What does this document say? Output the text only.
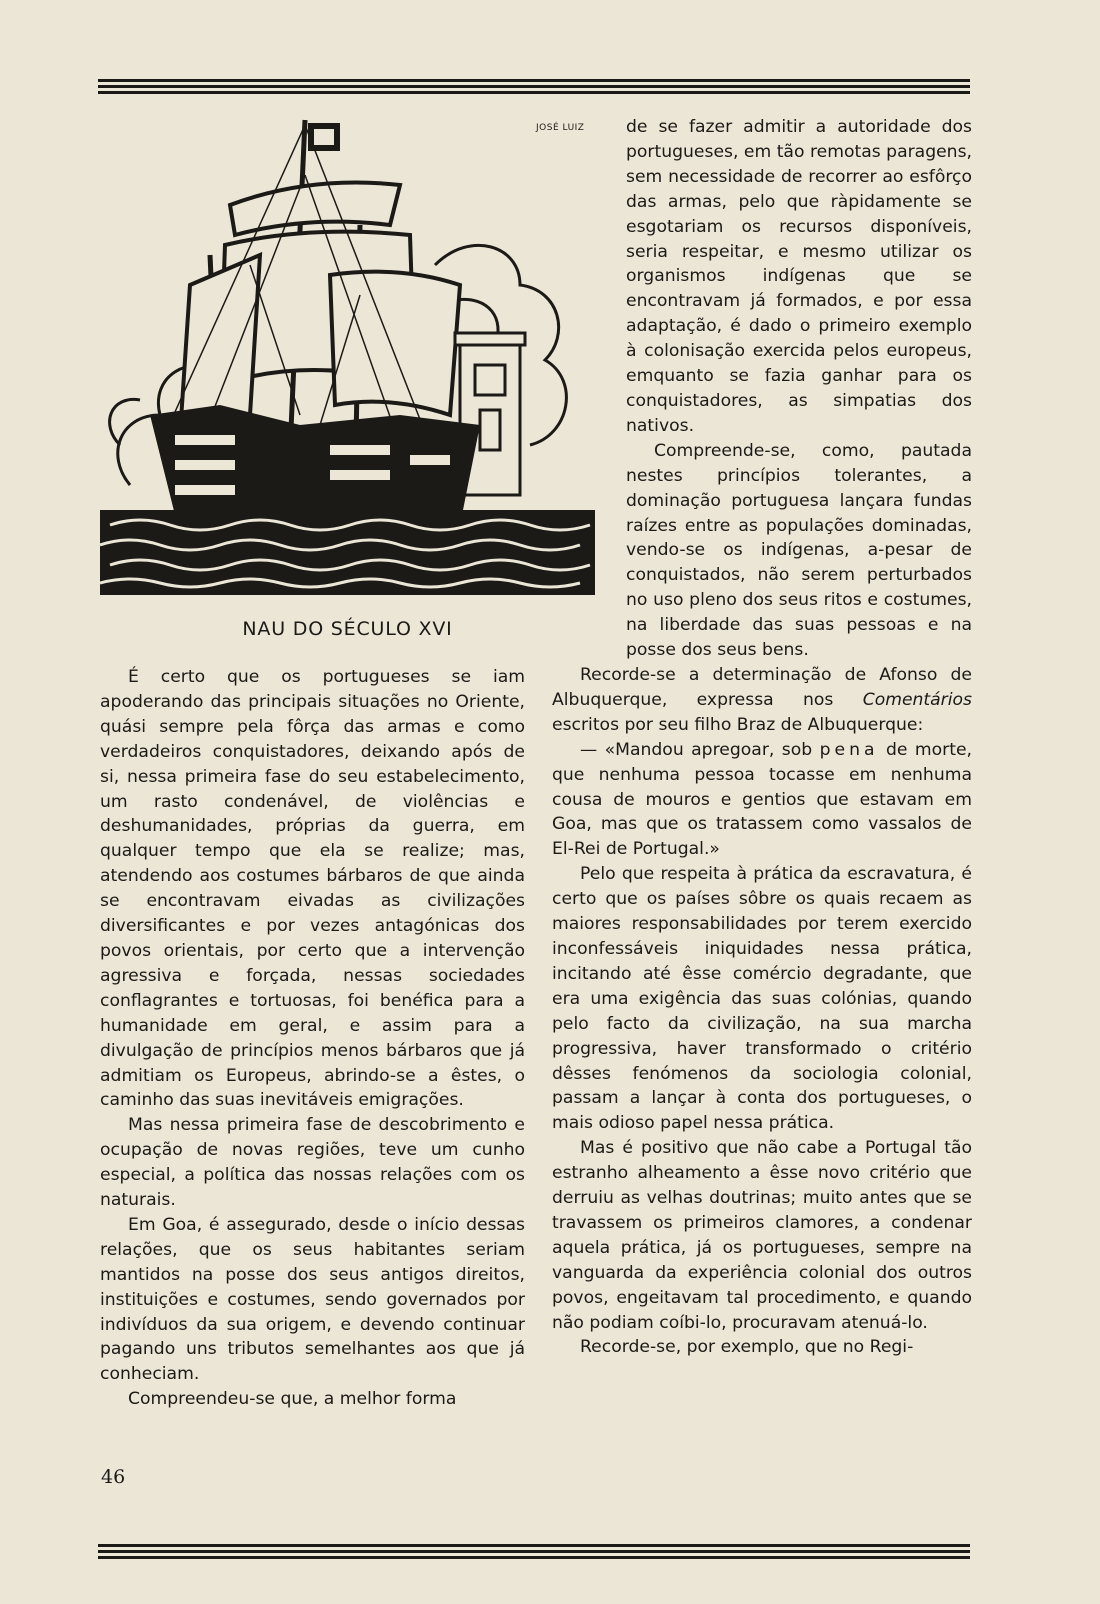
JOSÉ LUIZ
NAU DO SÉCULO XVI

de se fazer admitir a autoridade dos portugueses, em tão remotas paragens, sem necessidade de recorrer ao esfôrço das armas, pelo que ràpidamente se esgotariam os recursos disponíveis, seria respeitar, e mesmo utilizar os organismos indígenas que se encontravam já formados, e por essa adaptação, é dado o primeiro exemplo à colonisação exercida pelos europeus, emquanto se fazia ganhar para os conquistadores, as simpatias dos nativos.

Compreende-se, como, pautada nestes princípios tolerantes, a dominação portuguesa lançara fundas raízes entre as populações dominadas, vendo-se os indígenas, a-pesar de conquistados, não serem perturbados no uso pleno dos seus ritos e costumes, na liberdade das suas pessoas e na posse dos seus bens.

É certo que os portugueses se iam apoderando das principais situações no Oriente, quási sempre pela fôrça das armas e como verdadeiros conquistadores, deixando após de si, nessa primeira fase do seu estabelecimento, um rasto condenável, de violências e deshumanidades, próprias da guerra, em qualquer tempo que ela se realize; mas, atendendo aos costumes bárbaros de que ainda se encontravam eivadas as civilizações diversificantes e por vezes antagónicas dos povos orientais, por certo que a intervenção agressiva e forçada, nessas sociedades conflagrantes e tortuosas, foi benéfica para a humanidade em geral, e assim para a divulgação de princípios menos bárbaros que já admitiam os Europeus, abrindo-se a êstes, o caminho das suas inevitáveis emigrações.

Mas nessa primeira fase de descobrimento e ocupação de novas regiões, teve um cunho especial, a política das nossas relações com os naturais.

Em Goa, é assegurado, desde o início dessas relações, que os seus habitantes seriam mantidos na posse dos seus antigos direitos, instituições e costumes, sendo governados por indivíduos da sua origem, e devendo continuar pagando uns tributos semelhantes aos que já conheciam.

Compreendeu-se que, a melhor forma

Recorde-se a determinação de Afonso de Albuquerque, expressa nos Comentários escritos por seu filho Braz de Albuquerque:

— «Mandou apregoar, sob pena de morte, que nenhuma pessoa tocasse em nenhuma cousa de mouros e gentios que estavam em Goa, mas que os tratassem como vassalos de El-Rei de Portugal.»

Pelo que respeita à prática da escravatura, é certo que os países sôbre os quais recaem as maiores responsabilidades por terem exercido inconfessáveis iniquidades nessa prática, incitando até êsse comércio degradante, que era uma exigência das suas colónias, quando pelo facto da civilização, na sua marcha progressiva, haver transformado o critério dêsses fenómenos da sociologia colonial, passam a lançar à conta dos portugueses, o mais odioso papel nessa prática.

Mas é positivo que não cabe a Portugal tão estranho alheamento a êsse novo critério que derruiu as velhas doutrinas; muito antes que se travassem os primeiros clamores, a condenar aquela prática, já os portugueses, sempre na vanguarda da experiência colonial dos outros povos, engeitavam tal procedimento, e quando não podiam coíbi-lo, procuravam atenuá-lo.

Recorde-se, por exemplo, que no Regi-

46
